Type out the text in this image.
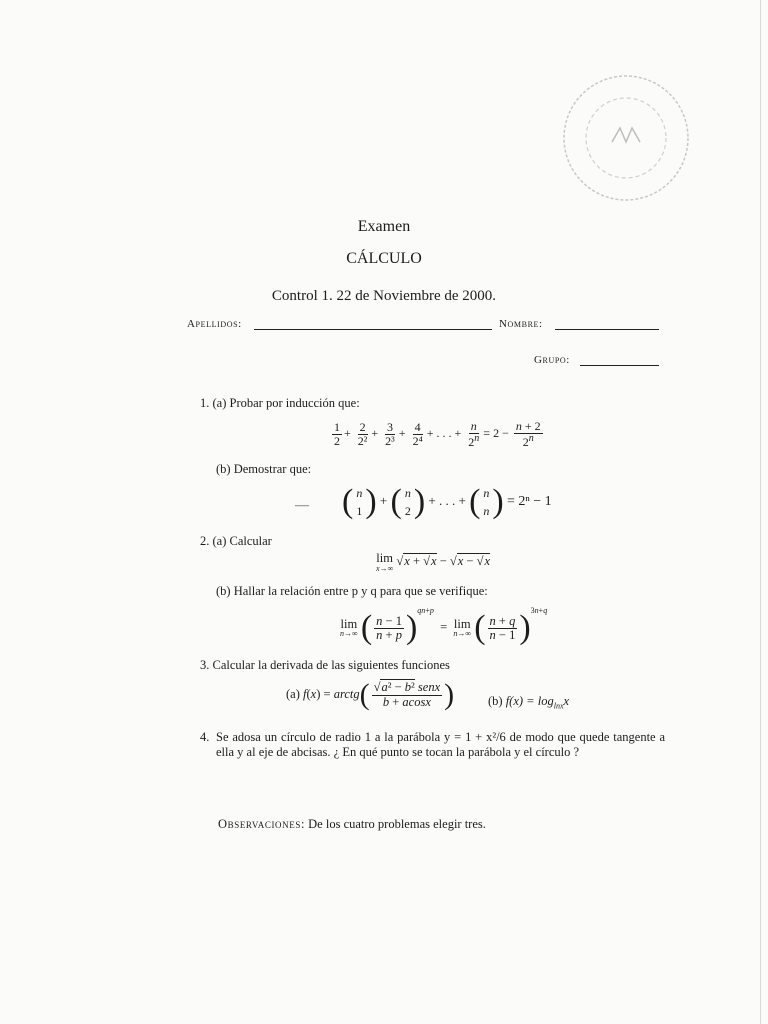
Examen
CÁLCULO
Control 1. 22 de Noviembre de 2000.
Apellidos:	Nombre:
Grupo:
1. (a) Probar por inducción que:
$\frac{1}{2} + \frac{2}{\text{2²}} + \frac{3}{\text{2³}} + \frac{4}{\text{2⁴}}$ + . . . + $\frac{n}{2^n} = 2 - \frac{n + 2}{2^n}$
(b) Demostrar que:
— ( n
1 ) + ( n
2 ) + . . . + ( n
n ) = 2ⁿ − 1
2. (a) Calcular
lim
x→∞ √x + √x − √x − √x
(b) Hallar la relación entre p y q para que se verifique:
lim
n→∞ ( $\frac{n - 1}{n + p} )^{qn+p} = \lim$
n→∞ ( $\frac{n + q}{n - 1} )^{3n+q}$
3. Calcular la derivada de las siguientes funciones
(a) f(x) = arctg( $\frac{\text{√a² − b² senx}}{b + acosx}$ )	(b) $f(x) = \log_{lnx}x$
4. Se adosa un círculo de radio 1 a la parábola y = 1 + x²/6 de modo que quede tangente a ella y al eje de abcisas. ¿ En qué punto se tocan la parábola y el círculo ?
Observaciones: De los cuatro problemas elegir tres.
